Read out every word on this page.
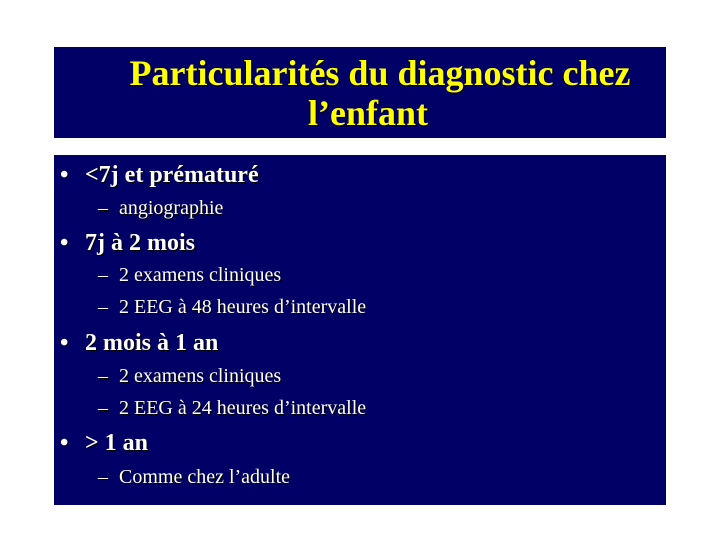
Particularités du diagnostic chez
l’enfant
• <7j et prématuré
– angiographie
• 7j à 2 mois
– 2 examens cliniques
– 2 EEG à 48 heures d’intervalle
• 2 mois à 1 an
– 2 examens cliniques
– 2 EEG à 24 heures d’intervalle
• > 1 an
– Comme chez l’adulte
